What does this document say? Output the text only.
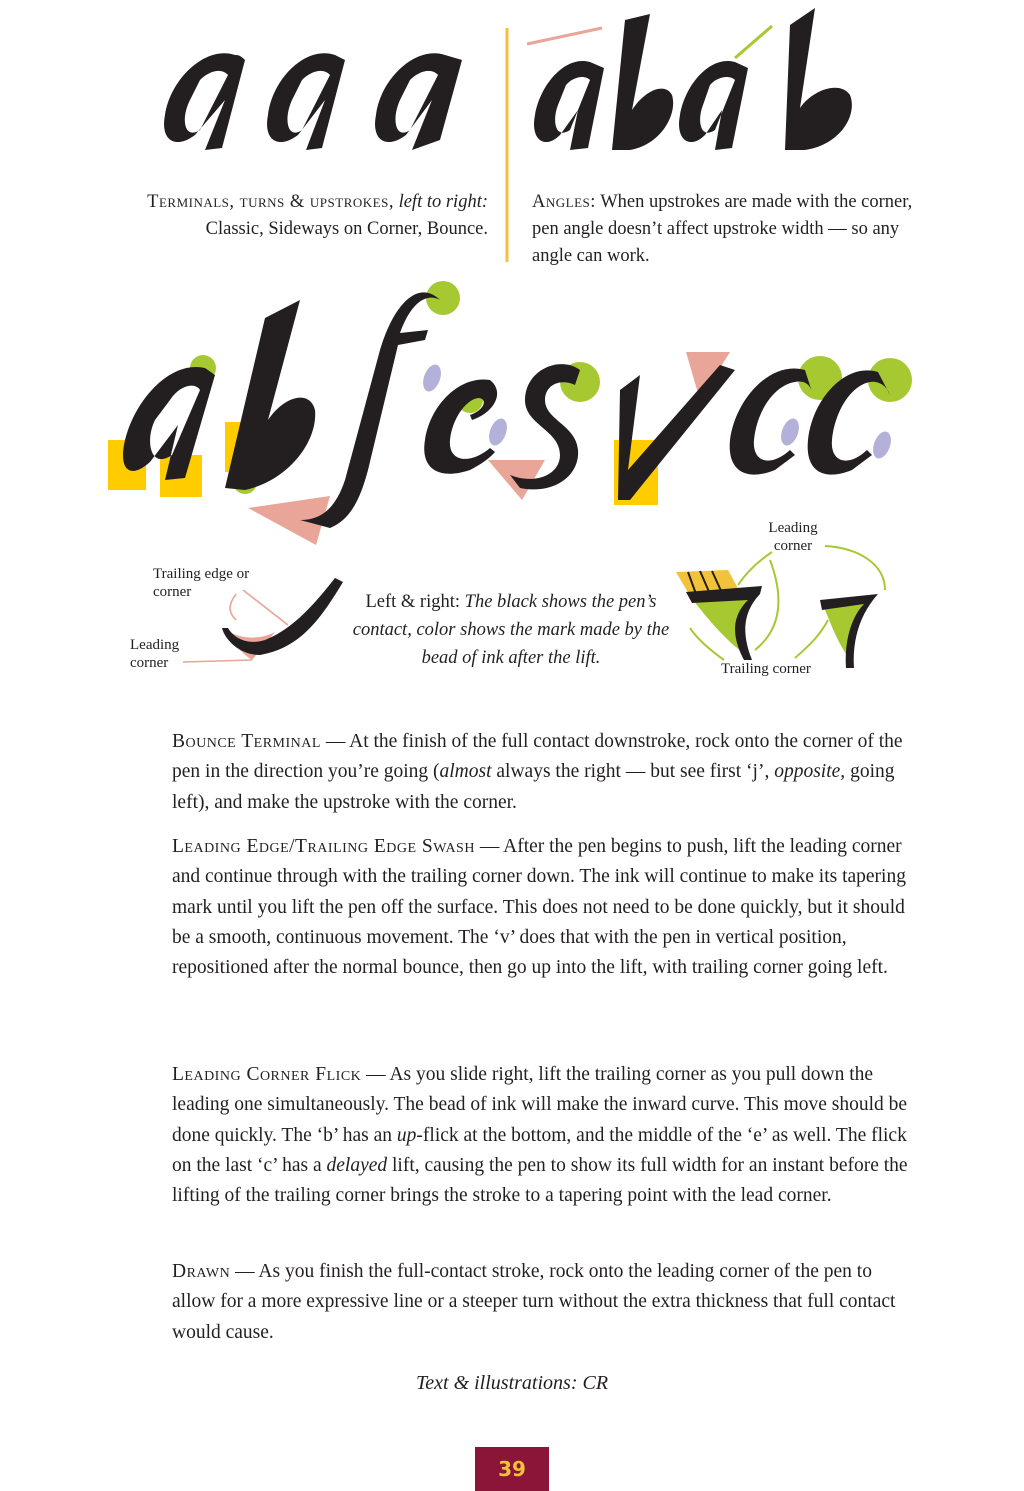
Terminals, turns & upstrokes, left to right: Classic, Sideways on Corner, Bounce.
Angles: When upstrokes are made with the corner, pen angle doesn’t affect upstroke width — so any angle can work.
Trailing edge or corner
Leading corner
Leading corner
Trailing corner
Left & right: The black shows the pen’s contact, color shows the mark made by the bead of ink after the lift.
Bounce Terminal — At the finish of the full contact downstroke, rock onto the corner of the pen in the direction you’re going (almost always the right — but see first ‘j’, opposite, going left), and make the upstroke with the corner.
Leading Edge/Trailing Edge Swash — After the pen begins to push, lift the leading corner and continue through with the trailing corner down. The ink will continue to make its tapering mark until you lift the pen off the surface. This does not need to be done quickly, but it should be a smooth, continuous movement. The ‘v’ does that with the pen in vertical position, repositioned after the normal bounce, then go up into the lift, with trailing corner going left.
Leading Corner Flick — As you slide right, lift the trailing corner as you pull down the leading one simultaneously. The bead of ink will make the inward curve. This move should be done quickly. The ‘b’ has an up-flick at the bottom, and the middle of the ‘e’ as well. The flick on the last ‘c’ has a delayed lift, causing the pen to show its full width for an instant before the lifting of the trailing corner brings the stroke to a tapering point with the lead corner.
Drawn — As you finish the full-contact stroke, rock onto the leading corner of the pen to allow for a more expressive line or a steeper turn without the extra thickness that full contact would cause.
Text & illustrations: CR
39
